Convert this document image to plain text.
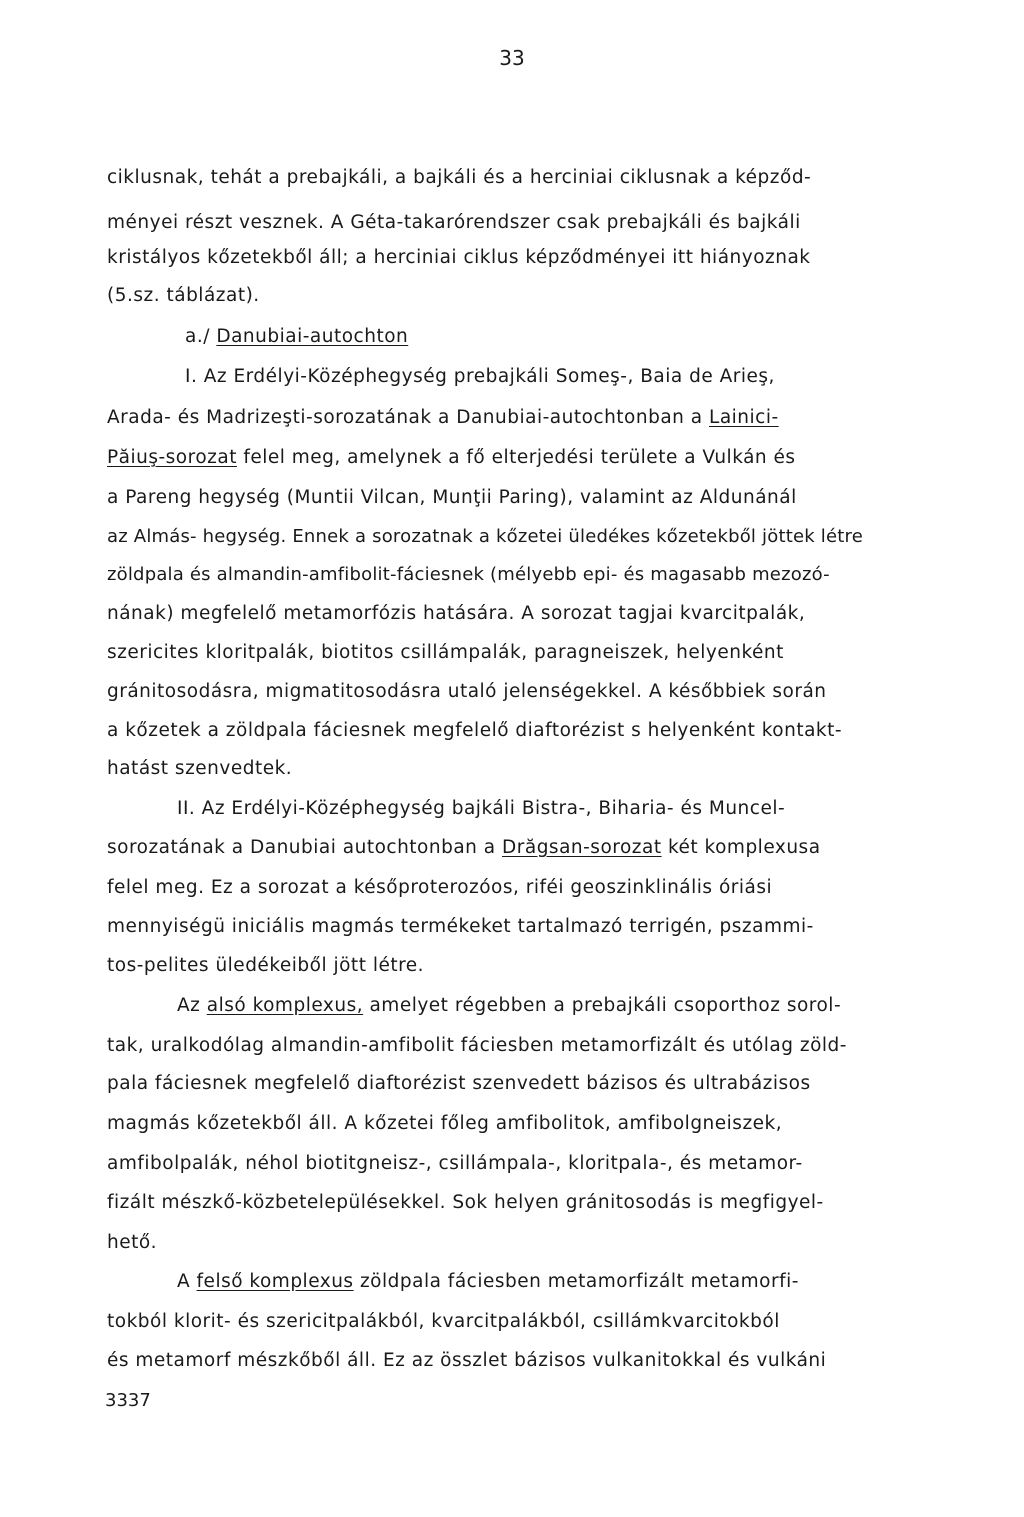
33
ciklusnak, tehát a prebajkáli, a bajkáli és a herciniai ciklusnak a képződ-
ményei részt vesznek. A Géta-takarórendszer csak prebajkáli és bajkáli
kristályos kőzetekből áll; a herciniai ciklus képződményei itt hiányoznak
(5.sz. táblázat).
a./ Danubiai-autochton
I. Az Erdélyi-Középhegység prebajkáli Someş-, Baia de Arieş,
Arada- és Madrizeşti-sorozatának a Danubiai-autochtonban a Lainici-
Păiuş-sorozat felel meg, amelynek a fő elterjedési területe a Vulkán és
a Pareng hegység (Muntii Vilcan, Munţii Paring), valamint az Aldunánál
az Almás- hegység. Ennek a sorozatnak a kőzetei üledékes kőzetekből jöttek létre
zöldpala és almandin-amfibolit-fáciesnek (mélyebb epi- és magasabb mezozó-
nának) megfelelő metamorfózis hatására. A sorozat tagjai kvarcitpalák,
szericites kloritpalák, biotitos csillámpalák, paragneiszek, helyenként
gránitosodásra, migmatitosodásra utaló jelenségekkel. A későbbiek során
a kőzetek a zöldpala fáciesnek megfelelő diaftorézist s helyenként kontakt-
hatást szenvedtek.
II. Az Erdélyi-Középhegység bajkáli Bistra-, Biharia- és Muncel-
sorozatának a Danubiai autochtonban a Drăgsan-sorozat két komplexusa
felel meg. Ez a sorozat a későproterozóos, riféi geoszinklinális óriási
mennyiségü iniciális magmás termékeket tartalmazó terrigén, pszammi-
tos-pelites üledékeiből jött létre.
Az alsó komplexus, amelyet régebben a prebajkáli csoporthoz sorol-
tak, uralkodólag almandin-amfibolit fáciesben metamorfizált és utólag zöld-
pala fáciesnek megfelelő diaftorézist szenvedett bázisos és ultrabázisos
magmás kőzetekből áll. A kőzetei főleg amfibolitok, amfibolgneiszek,
amfibolpalák, néhol biotitgneisz-, csillámpala-, kloritpala-, és metamor-
fizált mészkő-közbetelepülésekkel. Sok helyen gránitosodás is megfigyel-
hető.
A felső komplexus zöldpala fáciesben metamorfizált metamorfi-
tokból klorit- és szericitpalákból, kvarcitpalákból, csillámkvarcitokból
és metamorf mészkőből áll. Ez az összlet bázisos vulkanitokkal és vulkáni
3337
